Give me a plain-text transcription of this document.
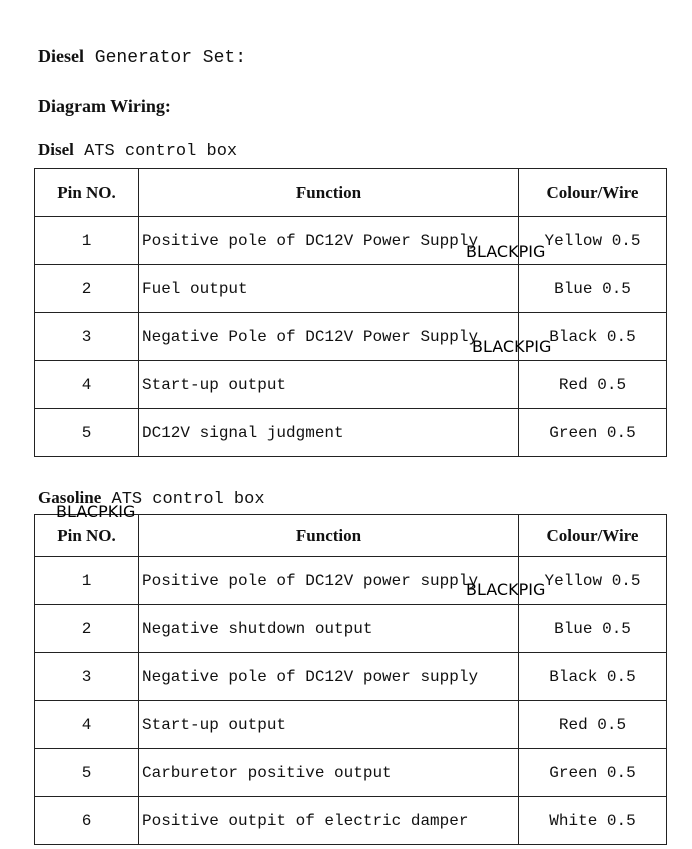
Diesel Generator Set:
Diagram Wiring:
Disel ATS control box
Pin NO.	Function	Colour/Wire
1	Positive pole of DC12V Power Supply	Yellow 0.5
2	Fuel output	Blue 0.5
3	Negative Pole of DC12V Power Supply	Black 0.5
4	Start-up output	Red 0.5
5	DC12V signal judgment	Green 0.5
Gasoline ATS control box
Pin NO.	Function	Colour/Wire
1	Positive pole of DC12V power supply	Yellow 0.5
2	Negative shutdown output	Blue 0.5
3	Negative pole of DC12V power supply	Black 0.5
4	Start-up output	Red 0.5
5	Carburetor positive output	Green 0.5
6	Positive outpit of electric damper	White 0.5
BLACKPIG
BLACKPIG
BLACPKIG
BLACKPIG
